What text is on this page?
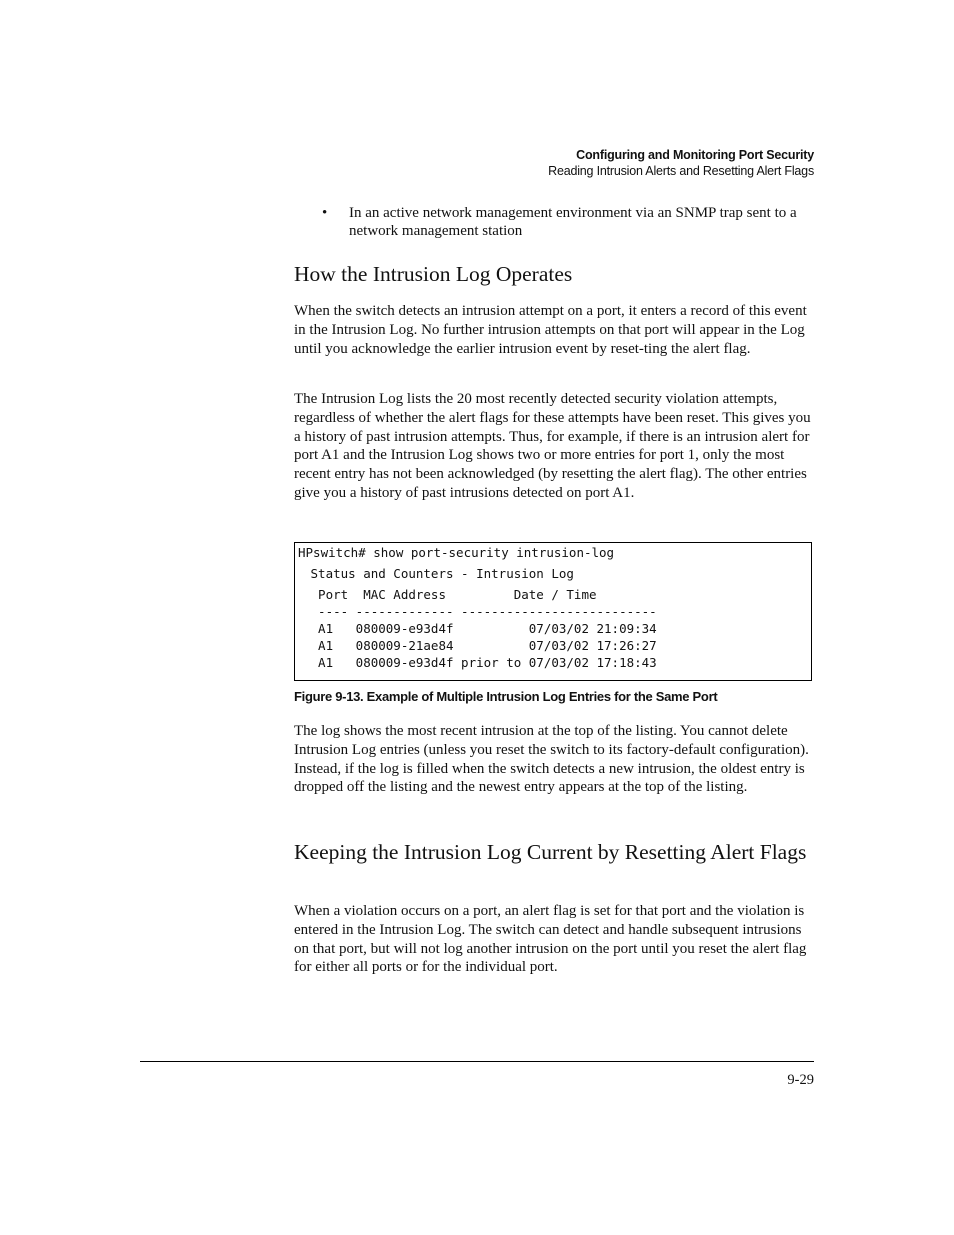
Configuring and Monitoring Port Security
Reading Intrusion Alerts and Resetting Alert Flags
• In an active network management environment via an SNMP trap sent to a network management station
How the Intrusion Log Operates

When the switch detects an intrusion attempt on a port, it enters a record of this event in the Intrusion Log. No further intrusion attempts on that port will appear in the Log until you acknowledge the earlier intrusion event by reset-ting the alert flag.

The Intrusion Log lists the 20 most recently detected security violation attempts, regardless of whether the alert flags for these attempts have been reset. This gives you a history of past intrusion attempts. Thus, for example, if there is an intrusion alert for port A1 and the Intrusion Log shows two or more entries for port 1, only the most recent entry has not been acknowledged (by resetting the alert flag). The other entries give you a history of past intrusions detected on port A1.

HPswitch# show port-security intrusion-log
Status and Counters - Intrusion Log
Port  MAC Address         Date / Time
---- ------------- --------------------------
A1   080009-e93d4f          07/03/02 21:09:34
A1   080009-21ae84          07/03/02 17:26:27
A1   080009-e93d4f prior to 07/03/02 17:18:43
Figure 9-13. Example of Multiple Intrusion Log Entries for the Same Port

The log shows the most recent intrusion at the top of the listing. You cannot delete Intrusion Log entries (unless you reset the switch to its factory-default configuration). Instead, if the log is filled when the switch detects a new intrusion, the oldest entry is dropped off the listing and the newest entry appears at the top of the listing.

Keeping the Intrusion Log Current by Resetting Alert Flags

When a violation occurs on a port, an alert flag is set for that port and the violation is entered in the Intrusion Log. The switch can detect and handle subsequent intrusions on that port, but will not log another intrusion on the port until you reset the alert flag for either all ports or for the individual port.

9-29
